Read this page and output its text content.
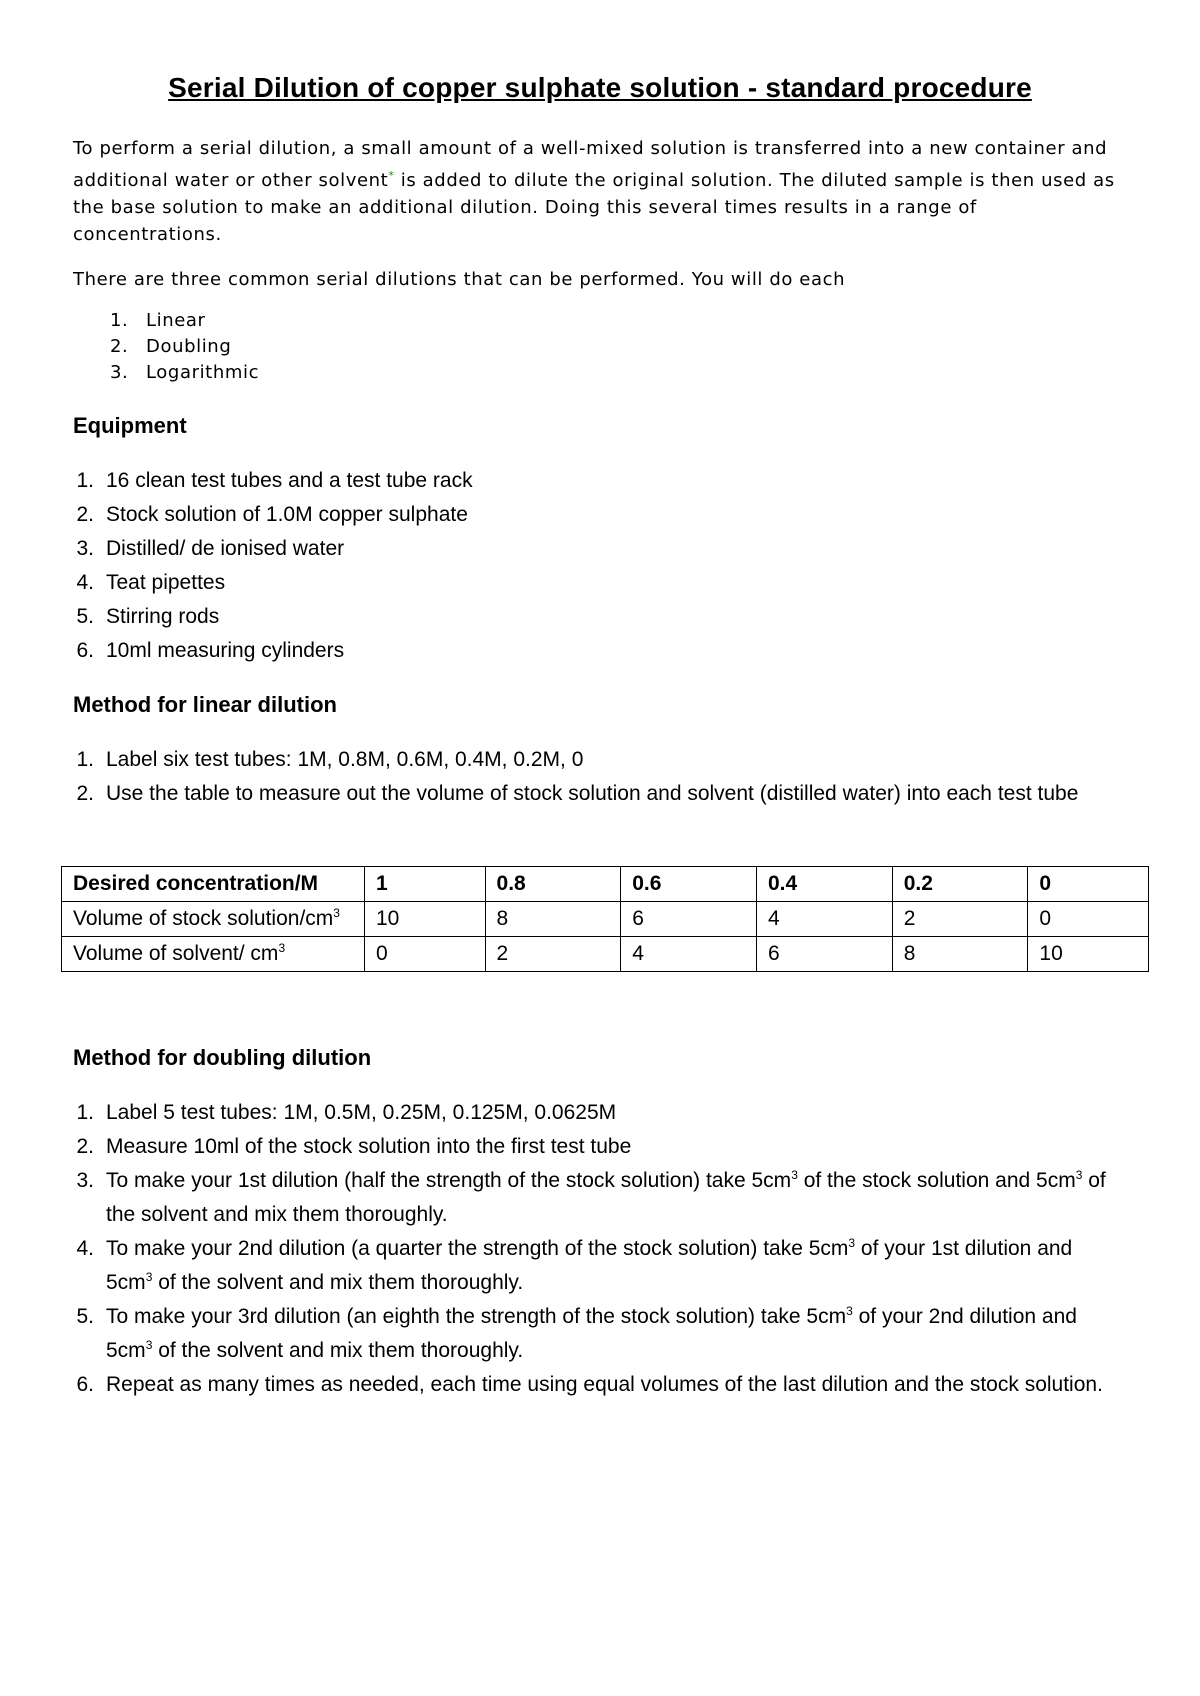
Serial Dilution of copper sulphate solution - standard procedure

To perform a serial dilution, a small amount of a well-mixed solution is transferred into a new container and additional water or other solvent* is added to dilute the original solution. The diluted sample is then used as the base solution to make an additional dilution. Doing this several times results in a range of concentrations.

There are three common serial dilutions that can be performed. You will do each

1. Linear
2. Doubling
3. Logarithmic
Equipment
1. 16 clean test tubes and a test tube rack
2. Stock solution of 1.0M copper sulphate
3. Distilled/ de ionised water
4. Teat pipettes
5. Stirring rods
6. 10ml measuring cylinders
Method for linear dilution
1. Label six test tubes: 1M, 0.8M, 0.6M, 0.4M, 0.2M, 0
2. Use the table to measure out the volume of stock solution and solvent (distilled water) into each test tube
Desired concentration/M	1	0.8	0.6	0.4	0.2	0
Volume of stock solution/$cm^3$	10	8	6	4	2	0
Volume of solvent/ $cm^3$	0	2	4	6	8	10
Method for doubling dilution
1. Label 5 test tubes: 1M, 0.5M, 0.25M, 0.125M, 0.0625M
2. Measure 10ml of the stock solution into the first test tube
3. To make your 1st dilution (half the strength of the stock solution) take $5cm^3$ of the stock solution and $5cm^3$ of the solvent and mix them thoroughly.
4. To make your 2nd dilution (a quarter the strength of the stock solution) take $5cm^3$ of your 1st dilution and $5cm^3$ of the solvent and mix them thoroughly.
5. To make your 3rd dilution (an eighth the strength of the stock solution) take $5cm^3$ of your 2nd dilution and $5cm^3$ of the solvent and mix them thoroughly.
6. Repeat as many times as needed, each time using equal volumes of the last dilution and the stock solution.
